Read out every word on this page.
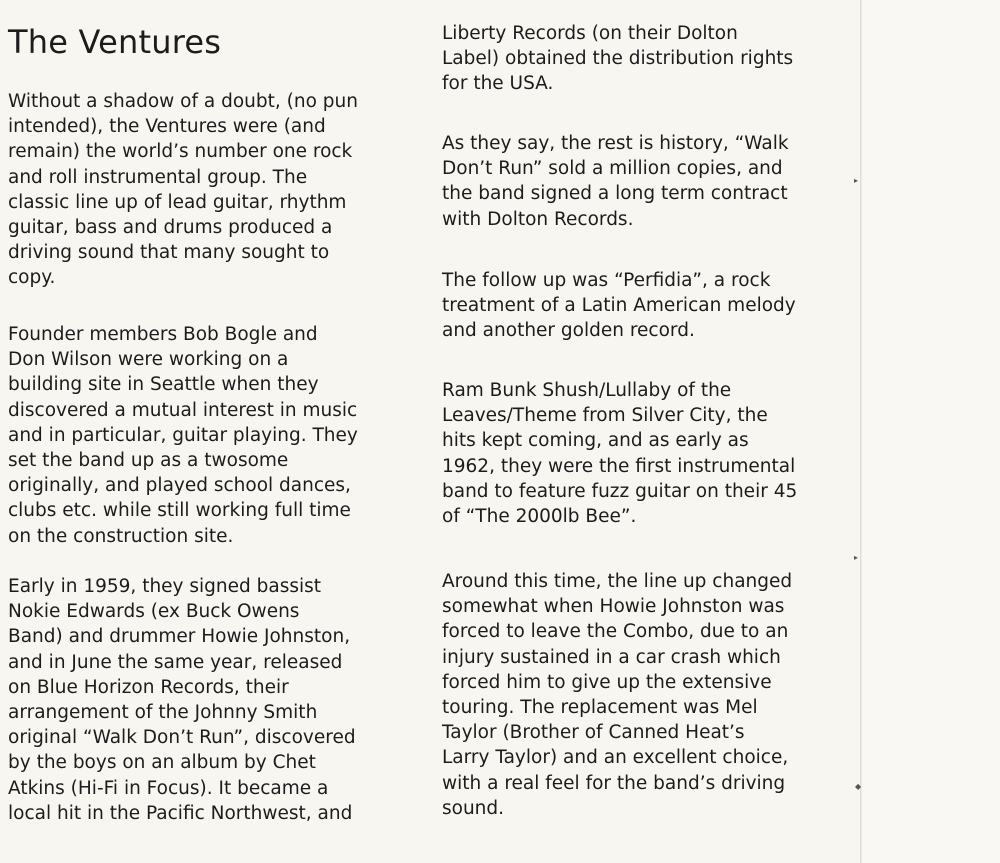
The Ventures
Without a shadow of a doubt, (no pun
intended), the Ventures were (and
remain) the world’s number one rock
and roll instrumental group. The
classic line up of lead guitar, rhythm
guitar, bass and drums produced a
driving sound that many sought to
copy.
Founder members Bob Bogle and
Don Wilson were working on a
building site in Seattle when they
discovered a mutual interest in music
and in particular, guitar playing. They
set the band up as a twosome
originally, and played school dances,
clubs etc. while still working full time
on the construction site.
Early in 1959, they signed bassist
Nokie Edwards (ex Buck Owens
Band) and drummer Howie Johnston,
and in June the same year, released
on Blue Horizon Records, their
arrangement of the Johnny Smith
original “Walk Don’t Run”, discovered
by the boys on an album by Chet
Atkins (Hi-Fi in Focus). It became a
local hit in the Pacific Northwest, and
Liberty Records (on their Dolton
Label) obtained the distribution rights
for the USA.
As they say, the rest is history, “Walk
Don’t Run” sold a million copies, and
the band signed a long term contract
with Dolton Records.
The follow up was “Perfidia”, a rock
treatment of a Latin American melody
and another golden record.
Ram Bunk Shush/Lullaby of the
Leaves/Theme from Silver City, the
hits kept coming, and as early as
1962, they were the first instrumental
band to feature fuzz guitar on their 45
of “The 2000lb Bee”.
Around this time, the line up changed
somewhat when Howie Johnston was
forced to leave the Combo, due to an
injury sustained in a car crash which
forced him to give up the extensive
touring. The replacement was Mel
Taylor (Brother of Canned Heat’s
Larry Taylor) and an excellent choice,
with a real feel for the band’s driving
sound.
▸
▸
◆
